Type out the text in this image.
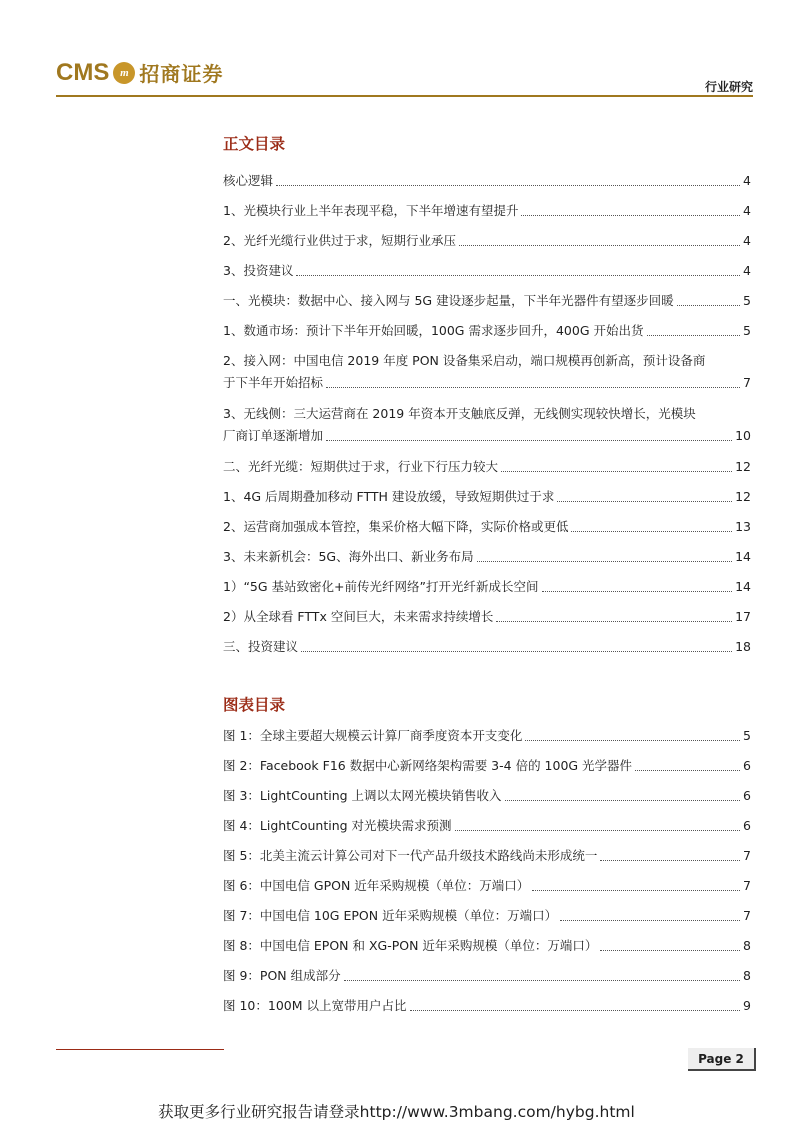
CMS m 招商证券
行业研究
正文目录
核心逻辑	4
1、光模块行业上半年表现平稳，下半年增速有望提升	4
2、光纤光缆行业供过于求，短期行业承压	4
3、投资建议	4
一、光模块：数据中心、接入网与 5G 建设逐步起量，下半年光器件有望逐步回暖	5
1、数通市场：预计下半年开始回暖，100G 需求逐步回升，400G 开始出货	5
2、接入网：中国电信 2019 年度 PON 设备集采启动，端口规模再创新高，预计设备商
于下半年开始招标	7
3、无线侧：三大运营商在 2019 年资本开支触底反弹，无线侧实现较快增长，光模块
厂商订单逐渐增加	10
二、光纤光缆：短期供过于求，行业下行压力较大	12
1、4G 后周期叠加移动 FTTH 建设放缓，导致短期供过于求	12
2、运营商加强成本管控，集采价格大幅下降，实际价格或更低	13
3、未来新机会：5G、海外出口、新业务布局	14
1）“5G 基站致密化+前传光纤网络”打开光纤新成长空间	14
2）从全球看 FTTx 空间巨大，未来需求持续增长	17
三、投资建议	18
图表目录
图 1：全球主要超大规模云计算厂商季度资本开支变化	5
图 2：Facebook F16 数据中心新网络架构需要 3-4 倍的 100G 光学器件	6
图 3：LightCounting 上调以太网光模块销售收入	6
图 4：LightCounting 对光模块需求预测	6
图 5：北美主流云计算公司对下一代产品升级技术路线尚未形成统一	7
图 6：中国电信 GPON 近年采购规模（单位：万端口）	7
图 7：中国电信 10G EPON 近年采购规模（单位：万端口）	7
图 8：中国电信 EPON 和 XG-PON 近年采购规模（单位：万端口）	8
图 9：PON 组成部分	8
图 10：100M 以上宽带用户占比	9
Page 2
获取更多行业研究报告请登录http://www.3mbang.com/hybg.html
